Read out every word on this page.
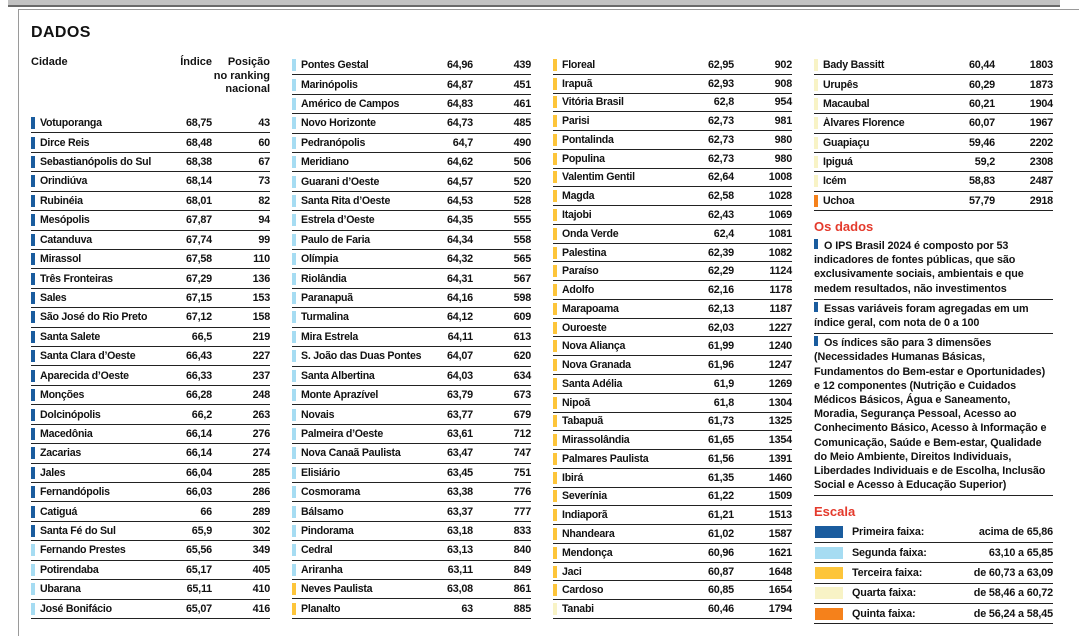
DADOS
Cidade	Índice	Posição
no ranking
nacional
Votuporanga	68,75	43
Dirce Reis	68,48	60
Sebastianópolis do Sul	68,38	67
Orindiúva	68,14	73
Rubinéia	68,01	82
Mesópolis	67,87	94
Catanduva	67,74	99
Mirassol	67,58	110
Três Fronteiras	67,29	136
Sales	67,15	153
São José do Rio Preto	67,12	158
Santa Salete	66,5	219
Santa Clara d’Oeste	66,43	227
Aparecida d’Oeste	66,33	237
Monções	66,28	248
Dolcinópolis	66,2	263
Macedônia	66,14	276
Zacarias	66,14	274
Jales	66,04	285
Fernandópolis	66,03	286
Catiguá	66	289
Santa Fé do Sul	65,9	302
Fernando Prestes	65,56	349
Potirendaba	65,17	405
Ubarana	65,11	410
José Bonifácio	65,07	416
Pontes Gestal	64,96	439
Marinópolis	64,87	451
Américo de Campos	64,83	461
Novo Horizonte	64,73	485
Pedranópolis	64,7	490
Meridiano	64,62	506
Guarani d’Oeste	64,57	520
Santa Rita d’Oeste	64,53	528
Estrela d’Oeste	64,35	555
Paulo de Faria	64,34	558
Olímpia	64,32	565
Riolândia	64,31	567
Paranapuã	64,16	598
Turmalina	64,12	609
Mira Estrela	64,11	613
S. João das Duas Pontes	64,07	620
Santa Albertina	64,03	634
Monte Aprazível	63,79	673
Novais	63,77	679
Palmeira d’Oeste	63,61	712
Nova Canaã Paulista	63,47	747
Elisiário	63,45	751
Cosmorama	63,38	776
Bálsamo	63,37	777
Pindorama	63,18	833
Cedral	63,13	840
Ariranha	63,11	849
Neves Paulista	63,08	861
Planalto	63	885
Floreal	62,95	902
Irapuã	62,93	908
Vitória Brasil	62,8	954
Parisi	62,73	981
Pontalinda	62,73	980
Populina	62,73	980
Valentim Gentil	62,64	1008
Magda	62,58	1028
Itajobi	62,43	1069
Onda Verde	62,4	1081
Palestina	62,39	1082
Paraíso	62,29	1124
Adolfo	62,16	1178
Marapoama	62,13	1187
Ouroeste	62,03	1227
Nova Aliança	61,99	1240
Nova Granada	61,96	1247
Santa Adélia	61,9	1269
Nipoã	61,8	1304
Tabapuã	61,73	1325
Mirassolândia	61,65	1354
Palmares Paulista	61,56	1391
Ibirá	61,35	1460
Severínia	61,22	1509
Indiaporã	61,21	1513
Nhandeara	61,02	1587
Mendonça	60,96	1621
Jaci	60,87	1648
Cardoso	60,85	1654
Tanabi	60,46	1794
Bady Bassitt	60,44	1803
Urupês	60,29	1873
Macaubal	60,21	1904
Álvares Florence	60,07	1967
Guapiaçu	59,46	2202
Ipiguá	59,2	2308
Icém	58,83	2487
Uchoa	57,79	2918
Os dados

O IPS Brasil 2024 é composto por 53 indicadores de fontes públicas, que são exclusivamente sociais, ambientais e que medem resultados, não investimentos

Essas variáveis foram agregadas em um índice geral, com nota de 0 a 100

Os índices são para 3 dimensões (Necessidades Humanas Básicas, Fundamentos do Bem-estar e Oportunidades) e 12 componentes (Nutrição e Cuidados Médicos Básicos, Água e Saneamento, Moradia, Segurança Pessoal, Acesso ao Conhecimento Básico, Acesso à Informação e Comunicação, Saúde e Bem-estar, Qualidade do Meio Ambiente, Direitos Individuais, Liberdades Individuais e de Escolha, Inclusão Social e Acesso à Educação Superior)

Escala
Primeira faixa:	acima de 65,86
Segunda faixa:	63,10 a 65,85
Terceira faixa:	de 60,73 a 63,09
Quarta faixa:	de 58,46 a 60,72
Quinta faixa:	de 56,24 a 58,45
